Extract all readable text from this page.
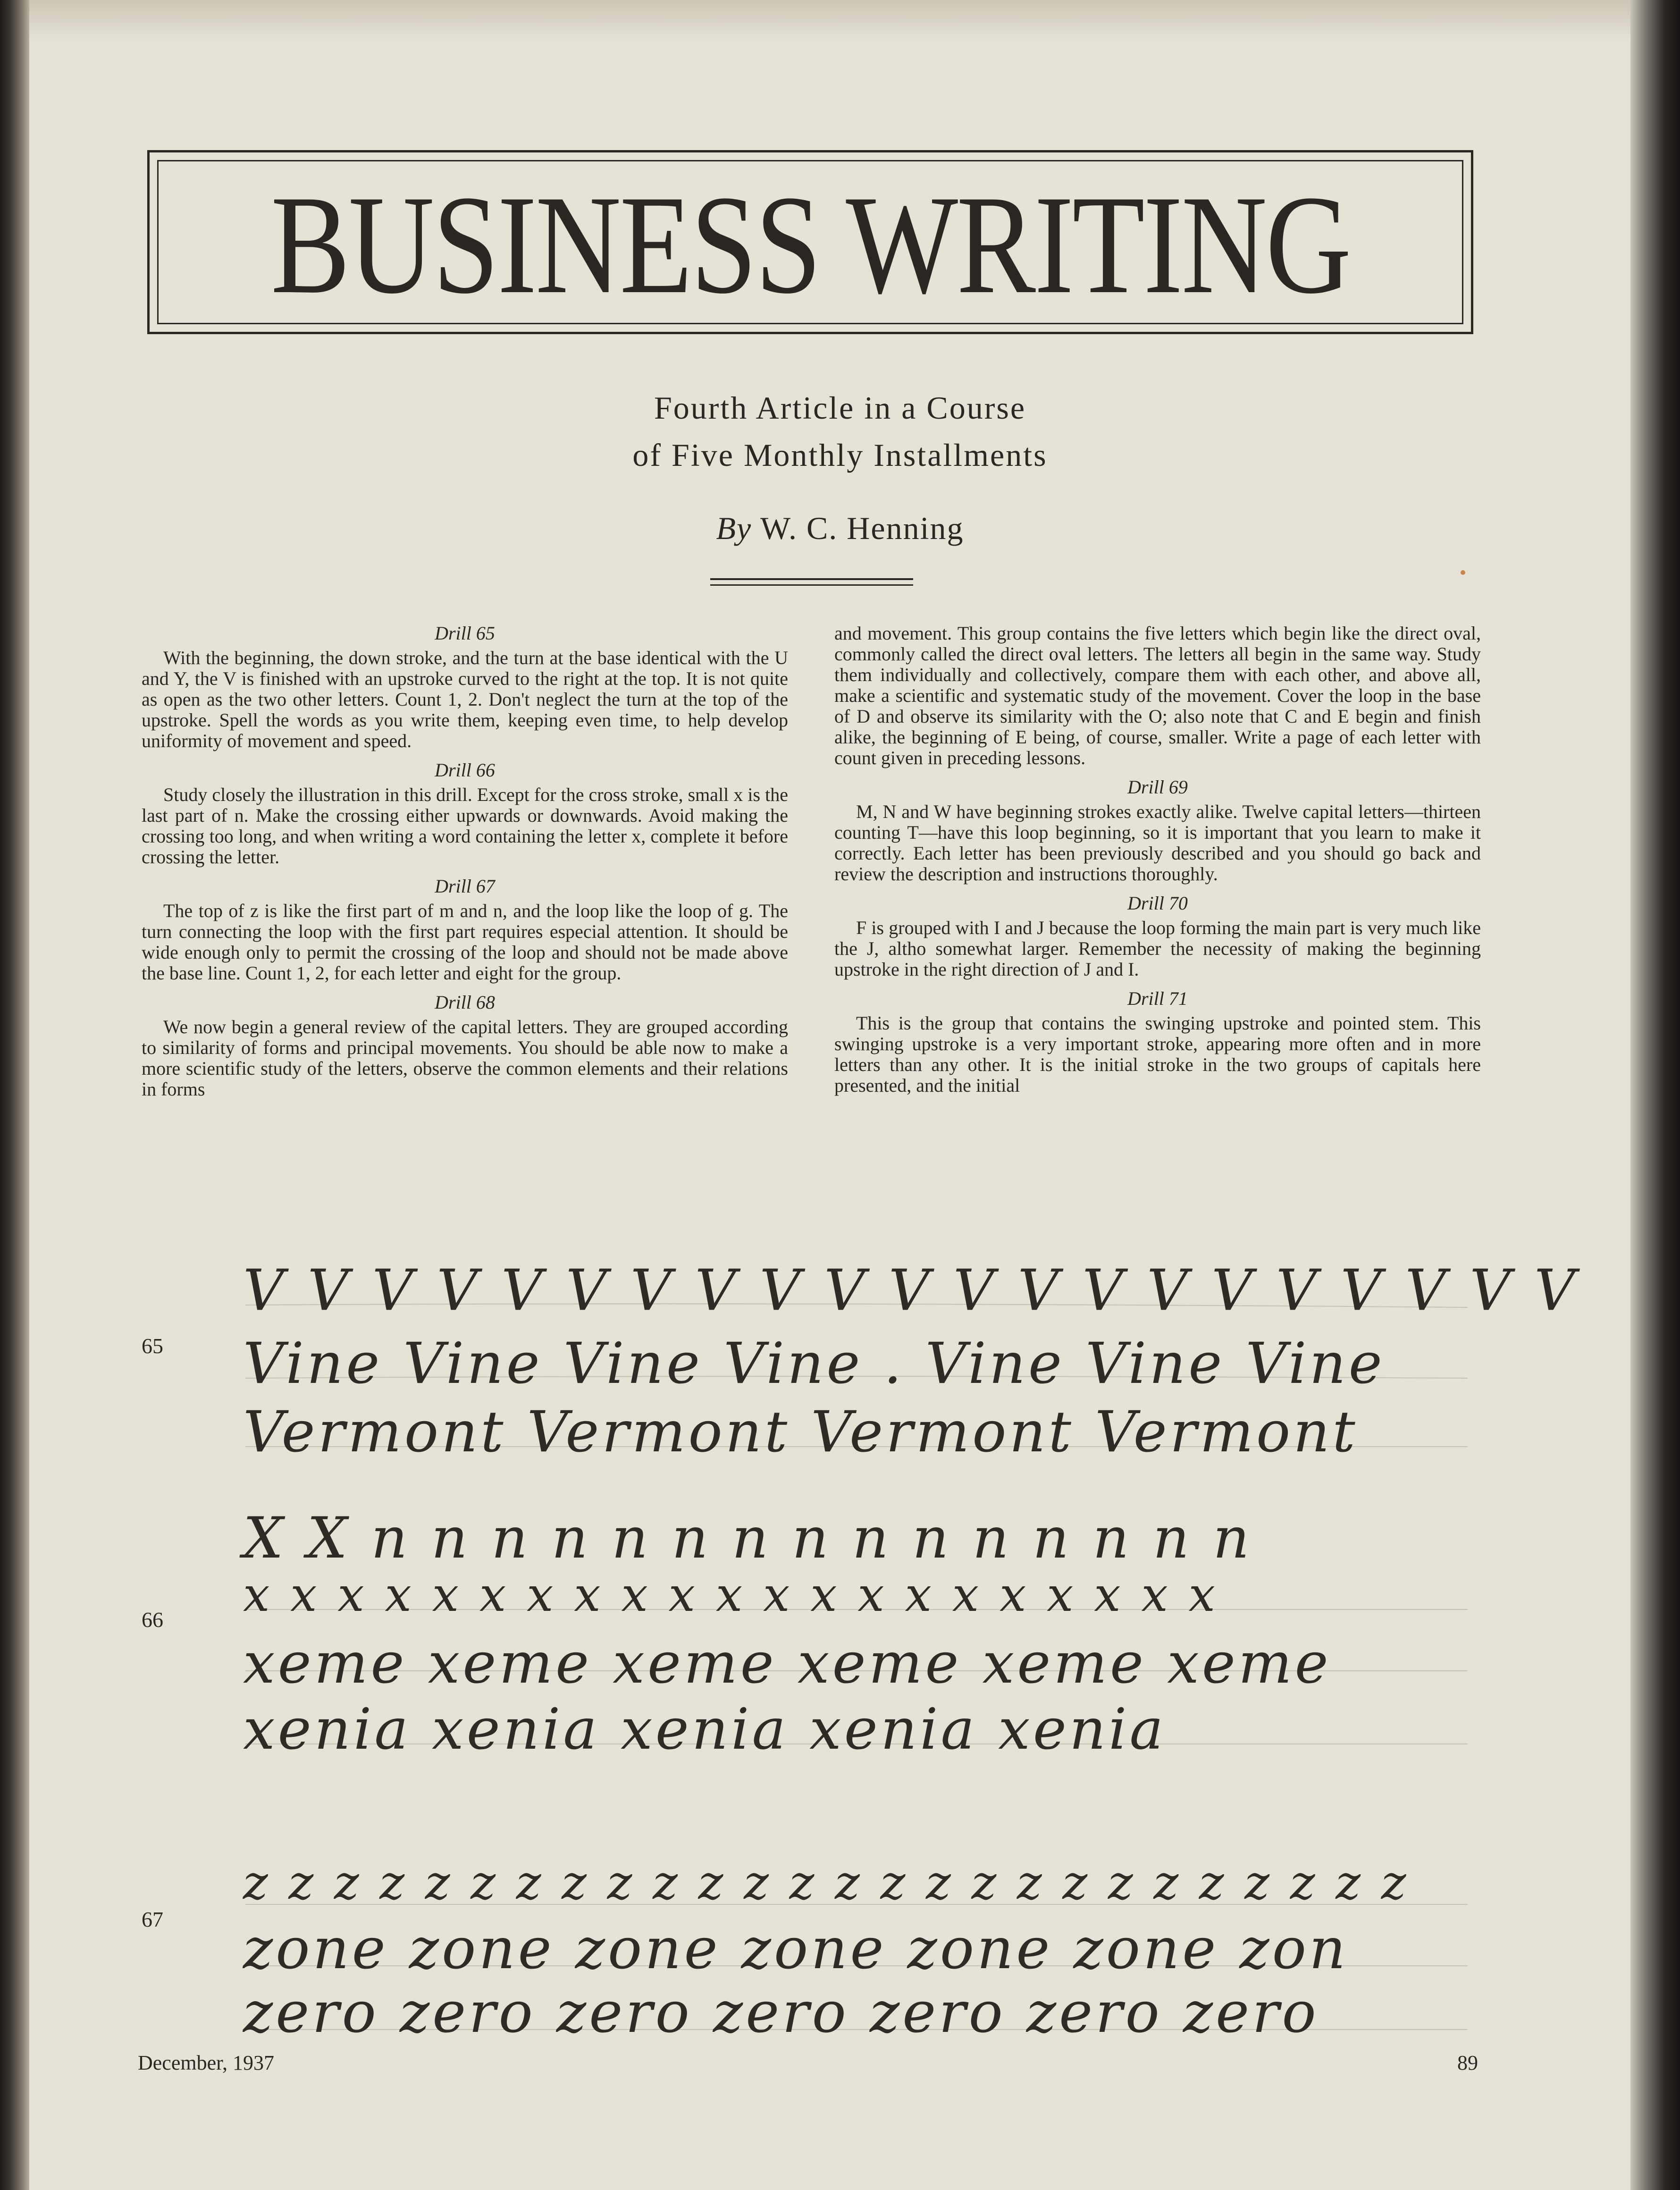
BUSINESS WRITING
Fourth Article in a Course
of Five Monthly Installments
By W. C. Henning
Drill 65

With the beginning, the down stroke, and the turn at the base identical with the U and Y, the V is finished with an upstroke curved to the right at the top. It is not quite as open as the two other letters. Count 1, 2. Don't neglect the turn at the top of the upstroke. Spell the words as you write them, keeping even time, to help develop uniformity of movement and speed.

Drill 66

Study closely the illustration in this drill. Except for the cross stroke, small x is the last part of n. Make the crossing either upwards or downwards. Avoid making the crossing too long, and when writing a word containing the letter x, complete it before crossing the letter.

Drill 67

The top of z is like the first part of m and n, and the loop like the loop of g. The turn connecting the loop with the first part requires especial attention. It should be wide enough only to permit the crossing of the loop and should not be made above the base line. Count 1, 2, for each letter and eight for the group.

Drill 68

We now begin a general review of the capital letters. They are grouped according to similarity of forms and principal movements. You should be able now to make a more scientific study of the letters, observe the common elements and their relations in forms

and movement. This group contains the five letters which begin like the direct oval, commonly called the direct oval letters. The letters all begin in the same way. Study them individually and collectively, compare them with each other, and above all, make a scientific and systematic study of the movement. Cover the loop in the base of D and observe its similarity with the O; also note that C and E begin and finish alike, the beginning of E being, of course, smaller. Write a page of each letter with count given in preceding lessons.

Drill 69

M, N and W have beginning strokes exactly alike. Twelve capital letters—thirteen counting T—have this loop beginning, so it is important that you learn to make it correctly. Each letter has been previously described and you should go back and review the description and instructions thoroughly.

Drill 70

F is grouped with I and J because the loop forming the main part is very much like the J, altho somewhat larger. Remember the necessity of making the beginning upstroke in the right direction of J and I.

Drill 71

This is the group that contains the swinging upstroke and pointed stem. This swinging upstroke is a very important stroke, appearing more often and in more letters than any other. It is the initial stroke in the two groups of capitals here presented, and the initial

65
66
67
V V V V V V V V V V V V V V V V V V V V V
Vine Vine Vine Vine . Vine Vine Vine
Vermont Vermont Vermont Vermont
X X n n n n n n n n n n n n n n n
x x x x x x x x x x x x x x x x x x x x x
xeme xeme xeme xeme xeme xeme
xenia xenia xenia xenia xenia
z z z z z z z z z z z z z z z z z z z z z z z z z z
zone zone zone zone zone zone zon
zero zero zero zero zero zero zero
December, 1937	89
